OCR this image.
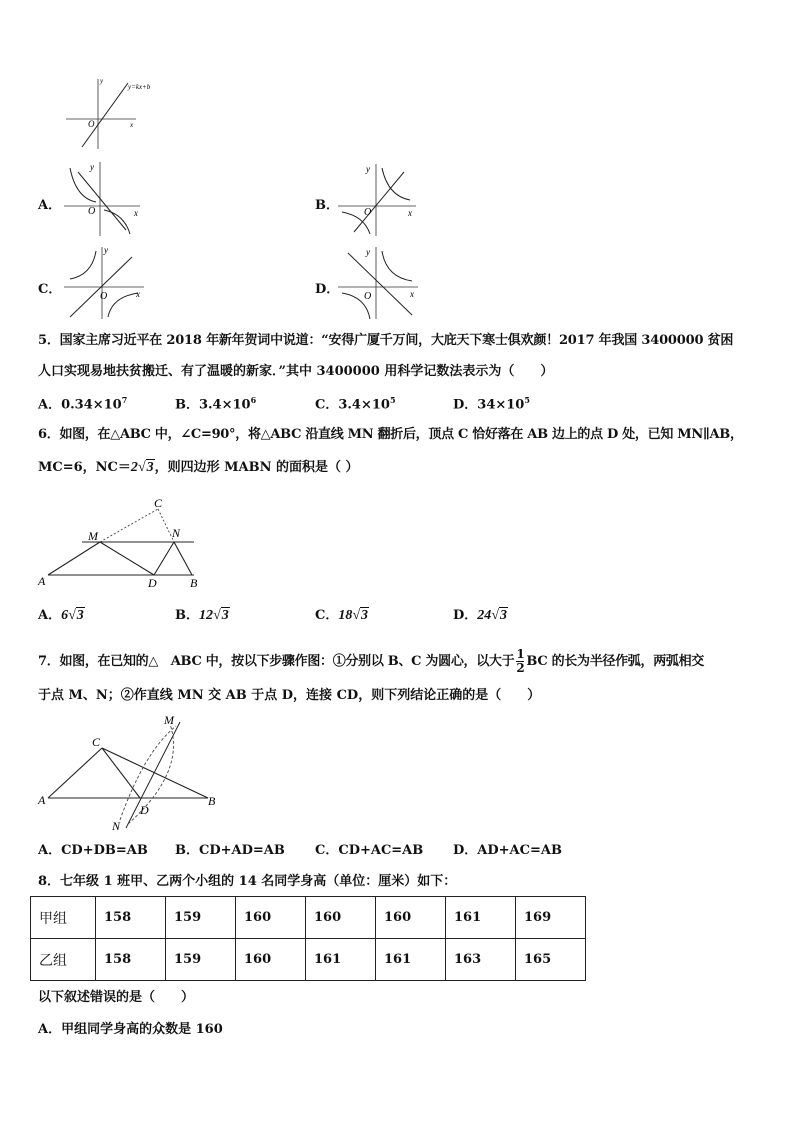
y
x
O
y=kx+b
A．
y
x
O	B．
y
x
O
C．
y
x
O	D．
y
x
O
5．国家主席习近平在 2018 年新年贺词中说道：“安得广厦千万间，大庇天下寒士俱欢颜！2017 年我国 3400000 贫困
人口实现易地扶贫搬迁、有了温暖的新家．”其中 3400000 用科学记数法表示为（　　）
A．$0.34\times 10^7$	B．$3.4\times 10^6$	C．$3.4\times 10^5$	D．$34\times 10^5$
6．如图，在△ABC 中，∠C=90°，将△ABC 沿直线 MN 翻折后，顶点 C 恰好落在 AB 边上的点 D 处，已知 MN∥AB，
MC=6，NC＝2√3，则四边形 MABN 的面积是（ ）
C
M	N
A	D	B
A．6√3	B．12√3	C．18√3	D．24√3
7．如图，在已知的△　ABC 中，按以下步骤作图：①分别以 B、C 为圆心，以大于 $\frac{1}{2}$ BC 的长为半径作弧，两弧相交
于点 M、N；②作直线 MN 交 AB 于点 D，连接 CD，则下列结论正确的是（　　）
M
C
A
D
B
N
A．CD+DB=AB B．CD+AD=AB C．CD+AC=AB D．AD+AC=AB
8．七年级 1 班甲、乙两个小组的 14 名同学身高（单位：厘米）如下：
甲组	158	159	160	160	160	161	169
乙组	158	159	160	161	161	163	165
以下叙述错误的是（　　）
A．甲组同学身高的众数是 160
